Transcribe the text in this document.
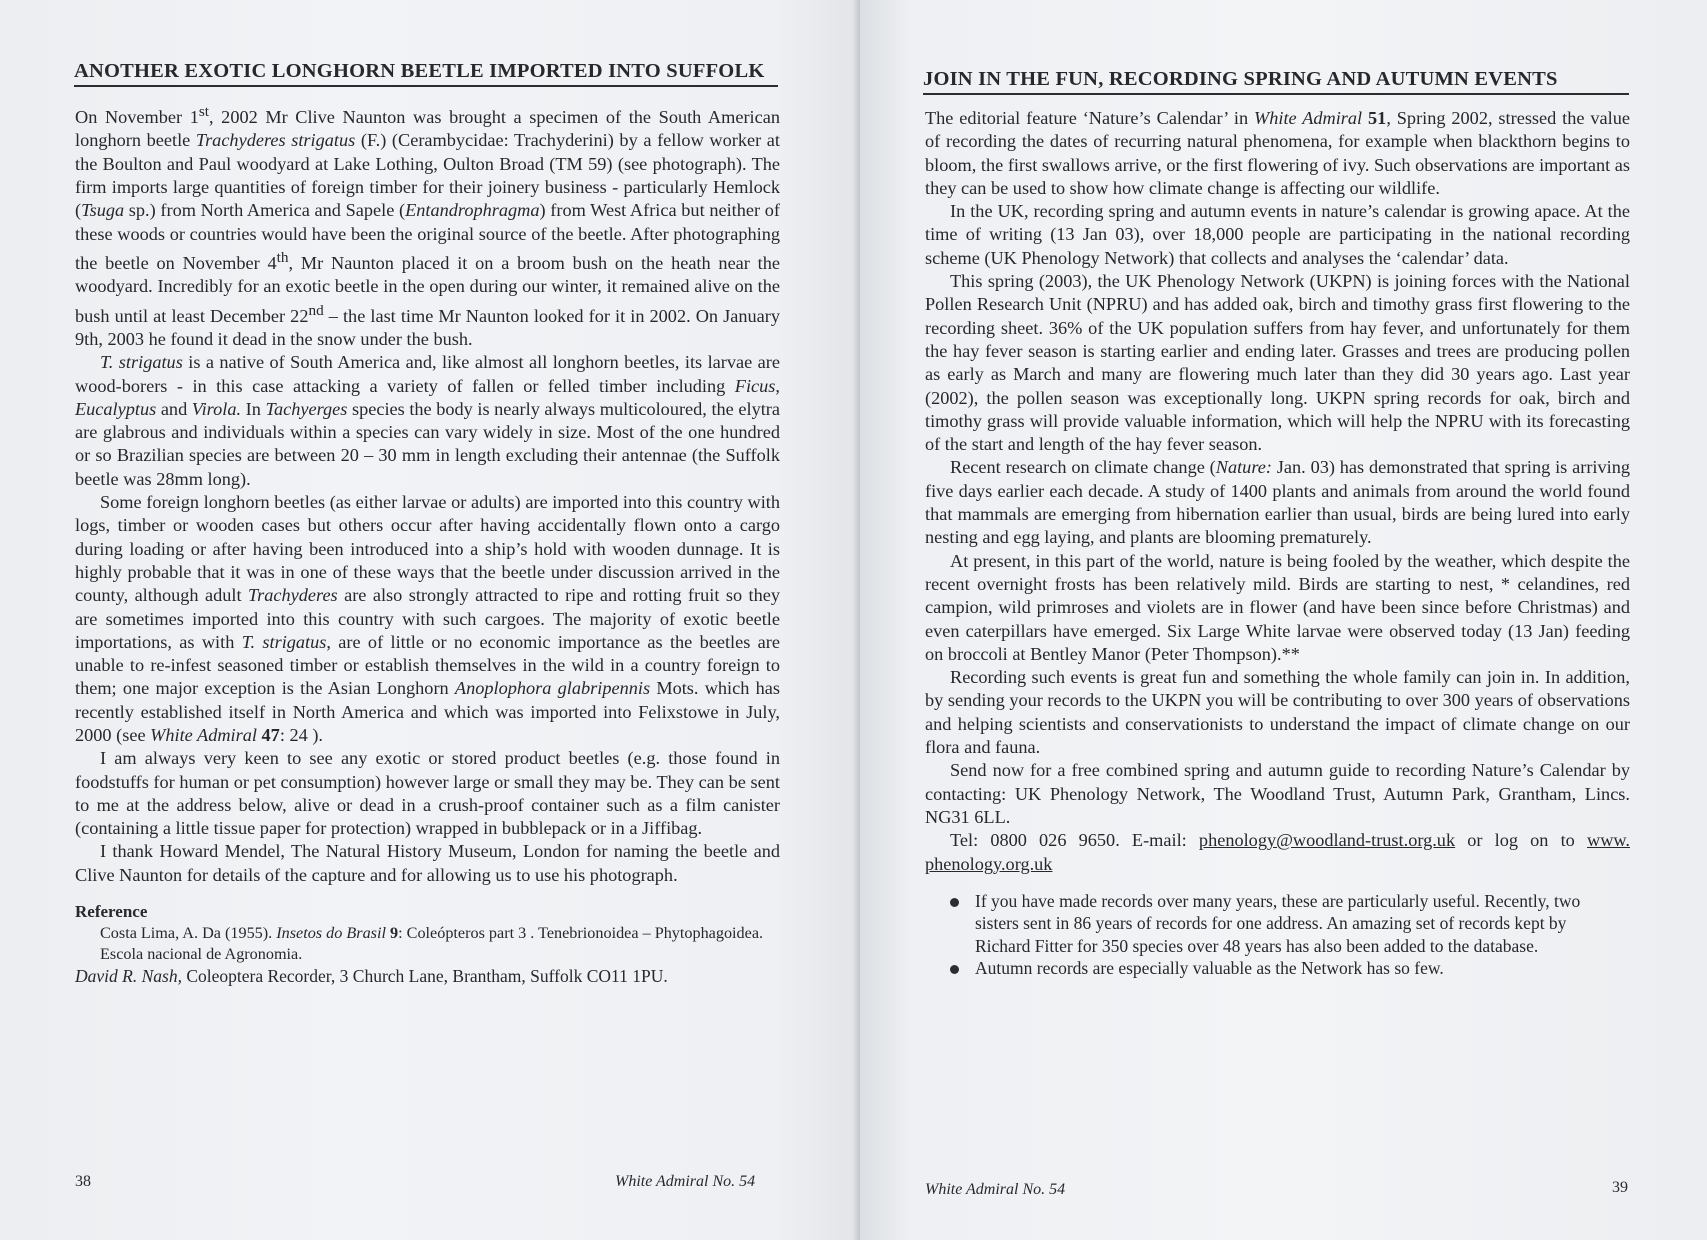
ANOTHER EXOTIC LONGHORN BEETLE IMPORTED INTO SUFFOLK

On November 1st, 2002 Mr Clive Naunton was brought a specimen of the South American longhorn beetle Trachyderes strigatus (F.) (Cerambycidae: Trachyderini) by a fellow worker at the Boulton and Paul woodyard at Lake Lothing, Oulton Broad (TM 59) (see photograph). The firm imports large quantities of foreign timber for their joinery business - particularly Hemlock (Tsuga sp.) from North America and Sapele (Entandrophragma) from West Africa but neither of these woods or countries would have been the original source of the beetle. After photographing the beetle on November 4th, Mr Naunton placed it on a broom bush on the heath near the woodyard. Incredibly for an exotic beetle in the open during our winter, it remained alive on the bush until at least December 22nd – the last time Mr Naunton looked for it in 2002. On January 9th, 2003 he found it dead in the snow under the bush.

T. strigatus is a native of South America and, like almost all longhorn beetles, its larvae are wood-borers - in this case attacking a variety of fallen or felled timber including Ficus, Eucalyptus and Virola. In Tachyerges species the body is nearly always multicoloured, the elytra are glabrous and individuals within a species can vary widely in size. Most of the one hundred or so Brazilian species are between 20 – 30 mm in length excluding their antennae (the Suffolk beetle was 28mm long).

Some foreign longhorn beetles (as either larvae or adults) are imported into this country with logs, timber or wooden cases but others occur after having accidentally flown onto a cargo during loading or after having been introduced into a ship’s hold with wooden dunnage. It is highly probable that it was in one of these ways that the beetle under discussion arrived in the county, although adult Trachyderes are also strongly attracted to ripe and rotting fruit so they are sometimes imported into this country with such cargoes. The majority of exotic beetle importations, as with T. strigatus, are of little or no economic importance as the beetles are unable to re-infest seasoned timber or establish themselves in the wild in a country foreign to them; one major exception is the Asian Longhorn Anoplophora glabripennis Mots. which has recently established itself in North America and which was imported into Felixstowe in July, 2000 (see White Admiral 47: 24 ).

I am always very keen to see any exotic or stored product beetles (e.g. those found in foodstuffs for human or pet consumption) however large or small they may be. They can be sent to me at the address below, alive or dead in a crush-proof container such as a film canister (containing a little tissue paper for protection) wrapped in bubblepack or in a Jiffibag.

I thank Howard Mendel, The Natural History Museum, London for naming the beetle and Clive Naunton for details of the capture and for allowing us to use his photograph.

Reference

Costa Lima, A. Da (1955). Insetos do Brasil 9: Coleópteros part 3 . Tenebrionoidea – Phytophagoidea. Escola nacional de Agronomia.

David R. Nash, Coleoptera Recorder, 3 Church Lane, Brantham, Suffolk CO11 1PU.

38	White Admiral No. 54
JOIN IN THE FUN, RECORDING SPRING AND AUTUMN EVENTS

The editorial feature ‘Nature’s Calendar’ in White Admiral 51, Spring 2002, stressed the value of recording the dates of recurring natural phenomena, for example when blackthorn begins to bloom, the first swallows arrive, or the first flowering of ivy. Such observations are important as they can be used to show how climate change is affecting our wildlife.

In the UK, recording spring and autumn events in nature’s calendar is growing apace. At the time of writing (13 Jan 03), over 18,000 people are participating in the national recording scheme (UK Phenology Network) that collects and analyses the ‘calendar’ data.

This spring (2003), the UK Phenology Network (UKPN) is joining forces with the National Pollen Research Unit (NPRU) and has added oak, birch and timothy grass first flowering to the recording sheet. 36% of the UK population suffers from hay fever, and unfortunately for them the hay fever season is starting earlier and ending later. Grasses and trees are producing pollen as early as March and many are flowering much later than they did 30 years ago. Last year (2002), the pollen season was exceptionally long. UKPN spring records for oak, birch and timothy grass will provide valuable information, which will help the NPRU with its forecasting of the start and length of the hay fever season.

Recent research on climate change (Nature: Jan. 03) has demonstrated that spring is arriving five days earlier each decade. A study of 1400 plants and animals from around the world found that mammals are emerging from hibernation earlier than usual, birds are being lured into early nesting and egg laying, and plants are blooming prematurely.

At present, in this part of the world, nature is being fooled by the weather, which despite the recent overnight frosts has been relatively mild. Birds are starting to nest, * celandines, red campion, wild primroses and violets are in flower (and have been since before Christmas) and even caterpillars have emerged. Six Large White larvae were observed today (13 Jan) feeding on broccoli at Bentley Manor (Peter Thompson).**

Recording such events is great fun and something the whole family can join in. In addition, by sending your records to the UKPN you will be contributing to over 300 years of observations and helping scientists and conservationists to understand the impact of climate change on our flora and fauna.

Send now for a free combined spring and autumn guide to recording Nature’s Calendar by contacting: UK Phenology Network, The Woodland Trust, Autumn Park, Grantham, Lincs. NG31 6LL.

Tel: 0800 026 9650. E-mail: phenology@woodland-trust.org.uk or log on to www. phenology.org.uk

If you have made records over many years, these are particularly useful. Recently, two sisters sent in 86 years of records for one address. An amazing set of records kept by Richard Fitter for 350 species over 48 years has also been added to the database.
Autumn records are especially valuable as the Network has so few.
White Admiral No. 54	39
